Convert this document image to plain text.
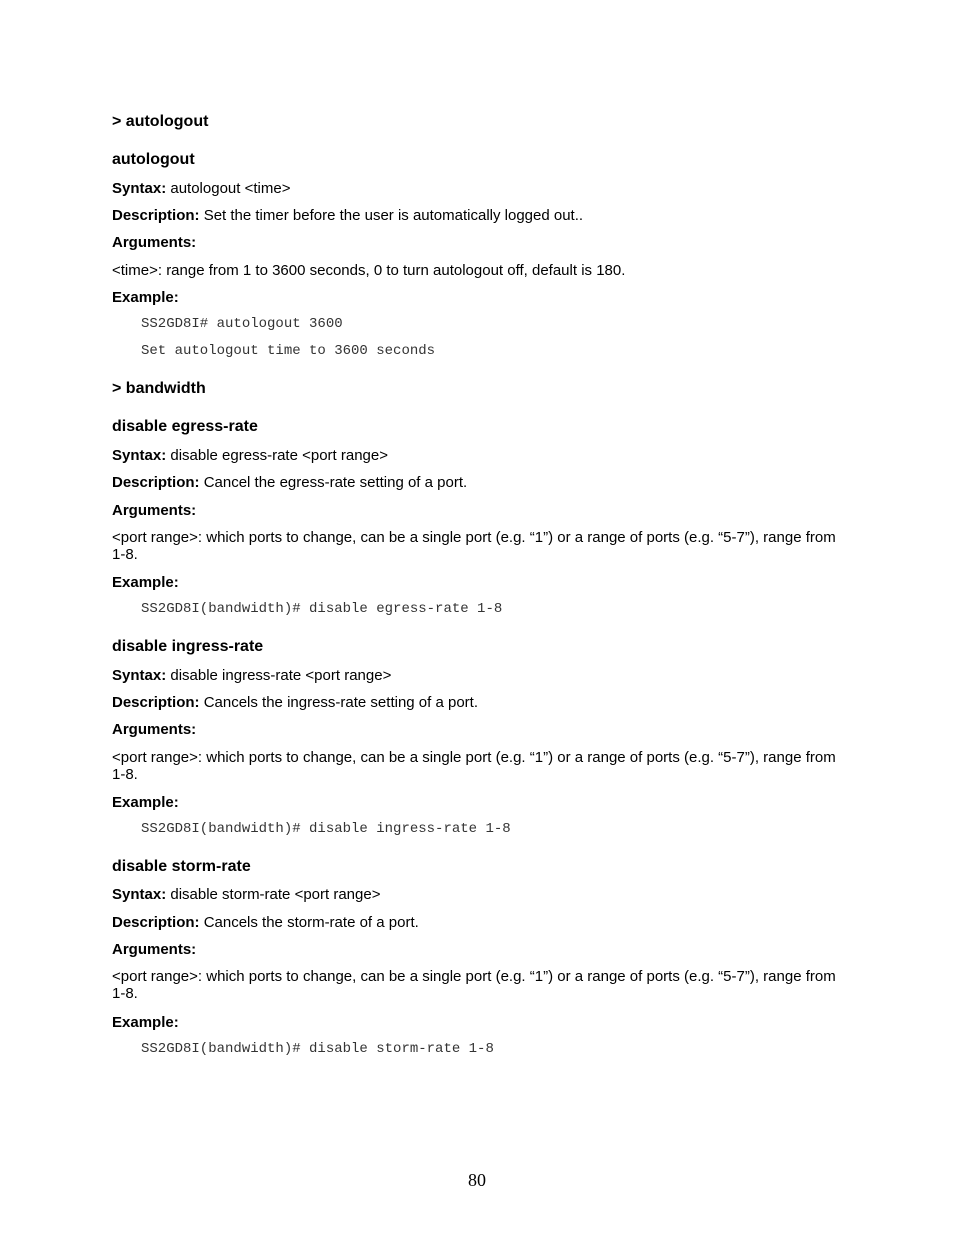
> autologout

autologout

Syntax: autologout <time>

Description: Set the timer before the user is automatically logged out..

Arguments:

<time>: range from 1 to 3600 seconds, 0 to turn autologout off, default is 180.

Example:

SS2GD8I# autologout 3600

Set autologout time to 3600 seconds

> bandwidth

disable egress-rate

Syntax: disable egress-rate <port range>

Description: Cancel the egress-rate setting of a port.

Arguments:

<port range>: which ports to change, can be a single port (e.g. “1”) or a range of ports (e.g. “5-7”), range from 1-8.

Example:

SS2GD8I(bandwidth)# disable egress-rate 1-8

disable ingress-rate

Syntax: disable ingress-rate <port range>

Description: Cancels the ingress-rate setting of a port.

Arguments:

<port range>: which ports to change, can be a single port (e.g. “1”) or a range of ports (e.g. “5-7”), range from 1-8.

Example:

SS2GD8I(bandwidth)# disable ingress-rate 1-8

disable storm-rate

Syntax: disable storm-rate <port range>

Description: Cancels the storm-rate of a port.

Arguments:

<port range>: which ports to change, can be a single port (e.g. “1”) or a range of ports (e.g. “5-7”), range from 1-8.

Example:

SS2GD8I(bandwidth)# disable storm-rate 1-8

80
